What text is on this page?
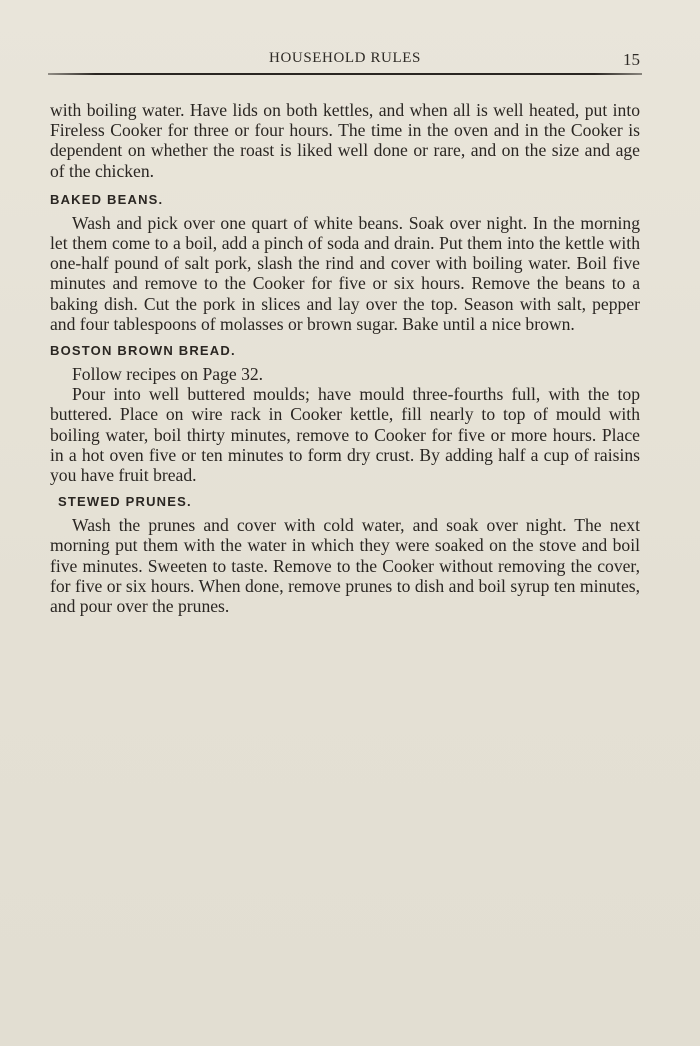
HOUSEHOLD RULES	15

with boiling water. Have lids on both kettles, and when all is well heated, put into Fireless Cooker for three or four hours. The time in the oven and in the Cooker is dependent on whether the roast is liked well done or rare, and on the size and age of the chicken.

BAKED BEANS.

Wash and pick over one quart of white beans. Soak over night. In the morning let them come to a boil, add a pinch of soda and drain. Put them into the kettle with one-half pound of salt pork, slash the rind and cover with boiling water. Boil five minutes and remove to the Cooker for five or six hours. Remove the beans to a baking dish. Cut the pork in slices and lay over the top. Season with salt, pepper and four tablespoons of molasses or brown sugar. Bake until a nice brown.

BOSTON BROWN BREAD.

Follow recipes on Page 32.

Pour into well buttered moulds; have mould three-fourths full, with the top buttered. Place on wire rack in Cooker kettle, fill nearly to top of mould with boiling water, boil thirty minutes, remove to Cooker for five or more hours. Place in a hot oven five or ten minutes to form dry crust. By adding half a cup of raisins you have fruit bread.

STEWED PRUNES.

Wash the prunes and cover with cold water, and soak over night. The next morning put them with the water in which they were soaked on the stove and boil five minutes. Sweeten to taste. Remove to the Cooker without removing the cover, for five or six hours. When done, remove prunes to dish and boil syrup ten minutes, and pour over the prunes.
